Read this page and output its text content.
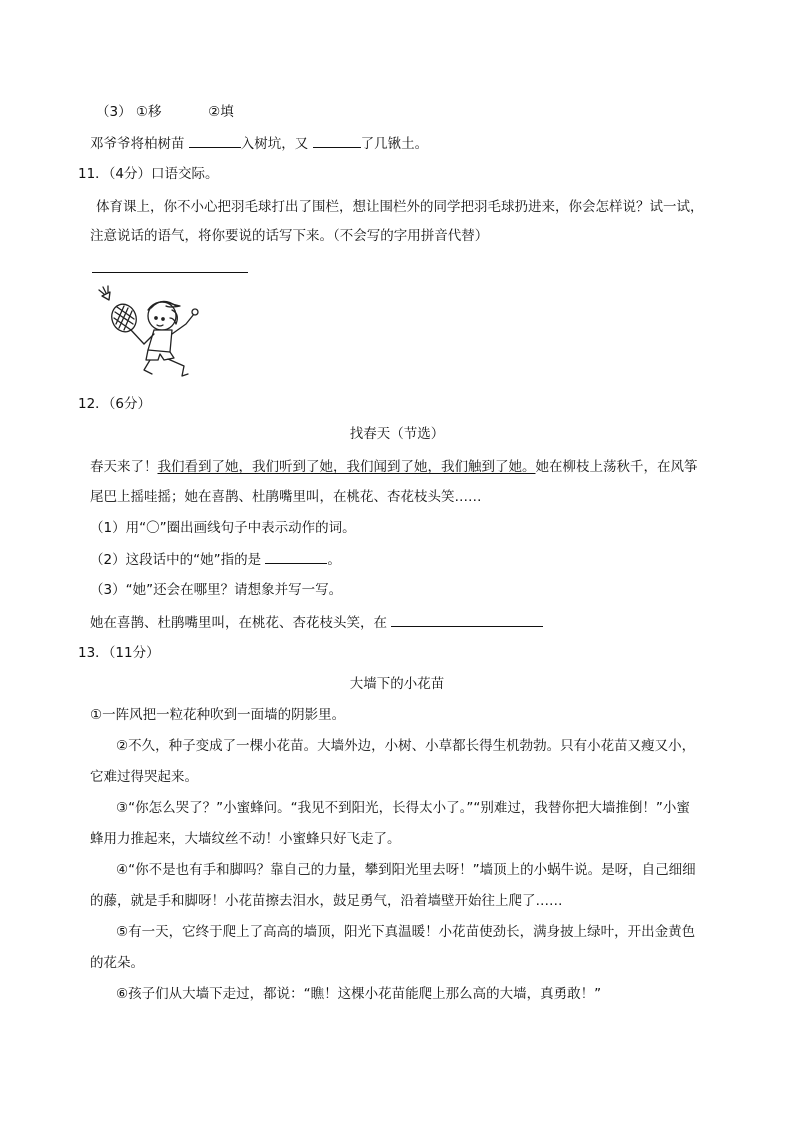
（3） ①移	②填
邓爷爷将柏树苗	入树坑，又	了几锹土。
11．（4分）口语交际。
体育课上，你不小心把羽毛球打出了围栏，想让围栏外的同学把羽毛球扔进来，你会怎样说？试一试，
注意说话的语气，将你要说的话写下来。（不会写的字用拼音代替）
12．（6分）
找春天（节选）
春天来了！我们看到了她，我们听到了她，我们闻到了她，我们触到了她。她在柳枝上荡秋千，在风筝
尾巴上摇哇摇；她在喜鹊、杜鹃嘴里叫，在桃花、杏花枝头笑……
（1）用“〇”圈出画线句子中表示动作的词。
（2）这段话中的“她”指的是	。
（3）“她”还会在哪里？请想象并写一写。
她在喜鹊、杜鹃嘴里叫，在桃花、杏花枝头笑，在
13．（11分）
大墙下的小花苗
①一阵风把一粒花种吹到一面墙的阴影里。
②不久，种子变成了一棵小花苗。大墙外边，小树、小草都长得生机勃勃。只有小花苗又瘦又小，
它难过得哭起来。
③“你怎么哭了？”小蜜蜂问。“我见不到阳光，长得太小了。”“别难过，我替你把大墙推倒！”小蜜
蜂用力推起来，大墙纹丝不动！小蜜蜂只好飞走了。
④“你不是也有手和脚吗？靠自己的力量，攀到阳光里去呀！”墙顶上的小蜗牛说。是呀，自己细细
的藤，就是手和脚呀！小花苗擦去泪水，鼓足勇气，沿着墙壁开始往上爬了……
⑤有一天，它终于爬上了高高的墙顶，阳光下真温暖！小花苗使劲长，满身披上绿叶，开出金黄色
的花朵。
⑥孩子们从大墙下走过，都说：“瞧！这棵小花苗能爬上那么高的大墙，真勇敢！”
